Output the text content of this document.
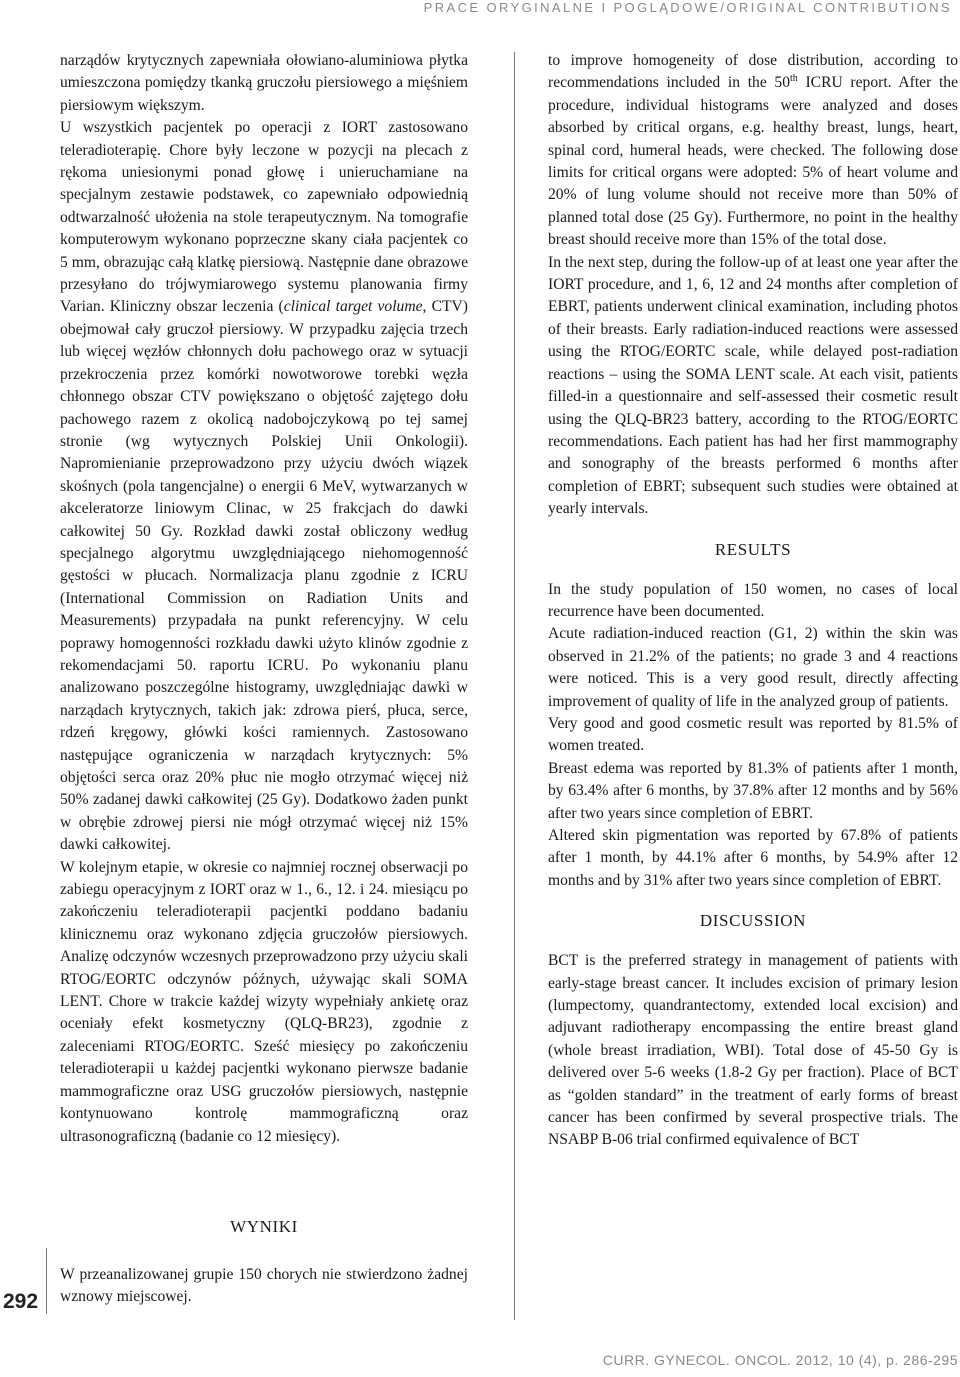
PRACE ORYGINALNE I POGLĄDOWE/ORIGINAL CONTRIBUTIONS

narządów krytycznych zapewniała ołowiano-aluminiowa płytka umieszczona pomiędzy tkanką gruczołu piersiowego a mięśniem piersiowym większym.

U wszystkich pacjentek po operacji z IORT zastosowano teleradioterapię. Chore były leczone w pozycji na plecach z rękoma uniesionymi ponad głowę i unieruchamiane na specjalnym zestawie podstawek, co zapewniało odpowiednią odtwarzalność ułożenia na stole terapeutycznym. Na tomografie komputerowym wykonano poprzeczne skany ciała pacjentek co 5 mm, obrazując całą klatkę piersiową. Następnie dane obrazowe przesyłano do trójwymiarowego systemu planowania firmy Varian. Kliniczny obszar leczenia (clinical target volume, CTV) obejmował cały gruczoł piersiowy. W przypadku zajęcia trzech lub więcej węzłów chłonnych dołu pachowego oraz w sytuacji przekroczenia przez komórki nowotworowe torebki węzła chłonnego obszar CTV powiększano o objętość zajętego dołu pachowego razem z okolicą nadobojczykową po tej samej stronie (wg wytycznych Polskiej Unii Onkologii). Napromienianie przeprowadzono przy użyciu dwóch wiązek skośnych (pola tangencjalne) o energii 6 MeV, wytwarzanych w akceleratorze liniowym Clinac, w 25 frakcjach do dawki całkowitej 50 Gy. Rozkład dawki został obliczony według specjalnego algorytmu uwzględniającego niehomogenność gęstości w płucach. Normalizacja planu zgodnie z ICRU (International Commission on Radiation Units and Measurements) przypadała na punkt referencyjny. W celu poprawy homogenności rozkładu dawki użyto klinów zgodnie z rekomendacjami 50. raportu ICRU. Po wykonaniu planu analizowano poszczególne histogramy, uwzględniając dawki w narządach krytycznych, takich jak: zdrowa pierś, płuca, serce, rdzeń kręgowy, główki kości ramiennych. Zastosowano następujące ograniczenia w narządach krytycznych: 5% objętości serca oraz 20% płuc nie mogło otrzymać więcej niż 50% zadanej dawki całkowitej (25 Gy). Dodatkowo żaden punkt w obrębie zdrowej piersi nie mógł otrzymać więcej niż 15% dawki całkowitej.

W kolejnym etapie, w okresie co najmniej rocznej obserwacji po zabiegu operacyjnym z IORT oraz w 1., 6., 12. i 24. miesiącu po zakończeniu teleradioterapii pacjentki poddano badaniu klinicznemu oraz wykonano zdjęcia gruczołów piersiowych. Analizę odczynów wczesnych przeprowadzono przy użyciu skali RTOG/EORTC odczynów późnych, używając skali SOMA LENT. Chore w trakcie każdej wizyty wypełniały ankietę oraz oceniały efekt kosmetyczny (QLQ-BR23), zgodnie z zaleceniami RTOG/EORTC. Sześć miesięcy po zakończeniu teleradioterapii u każdej pacjentki wykonano pierwsze badanie mammograficzne oraz USG gruczołów piersiowych, następnie kontynuowano kontrolę mammograficzną oraz ultrasonograficzną (badanie co 12 miesięcy).

WYNIKI
W przeanalizowanej grupie 150 chorych nie stwierdzono żadnej wznowy miejscowej.

to improve homogeneity of dose distribution, according to recommendations included in the 50th ICRU report. After the procedure, individual histograms were analyzed and doses absorbed by critical organs, e.g. healthy breast, lungs, heart, spinal cord, humeral heads, were checked. The following dose limits for critical organs were adopted: 5% of heart volume and 20% of lung volume should not receive more than 50% of planned total dose (25 Gy). Furthermore, no point in the healthy breast should receive more than 15% of the total dose.

In the next step, during the follow-up of at least one year after the IORT procedure, and 1, 6, 12 and 24 months after completion of EBRT, patients underwent clinical examination, including photos of their breasts. Early radiation-induced reactions were assessed using the RTOG/EORTC scale, while delayed post-radiation reactions – using the SOMA LENT scale. At each visit, patients filled-in a questionnaire and self-assessed their cosmetic result using the QLQ-BR23 battery, according to the RTOG/EORTC recommendations. Each patient has had her first mammography and sonography of the breasts performed 6 months after completion of EBRT; subsequent such studies were obtained at yearly intervals.

RESULTS

In the study population of 150 women, no cases of local recurrence have been documented.

Acute radiation-induced reaction (G1, 2) within the skin was observed in 21.2% of the patients; no grade 3 and 4 reactions were noticed. This is a very good result, directly affecting improvement of quality of life in the analyzed group of patients.

Very good and good cosmetic result was reported by 81.5% of women treated.

Breast edema was reported by 81.3% of patients after 1 month, by 63.4% after 6 months, by 37.8% after 12 months and by 56% after two years since completion of EBRT.

Altered skin pigmentation was reported by 67.8% of patients after 1 month, by 44.1% after 6 months, by 54.9% after 12 months and by 31% after two years since completion of EBRT.

DISCUSSION

BCT is the preferred strategy in management of patients with early-stage breast cancer. It includes excision of primary lesion (lumpectomy, quandrantectomy, extended local excision) and adjuvant radiotherapy encompassing the entire breast gland (whole breast irradiation, WBI). Total dose of 45-50 Gy is delivered over 5-6 weeks (1.8-2 Gy per fraction). Place of BCT as “golden standard” in the treatment of early forms of breast cancer has been confirmed by several prospective trials. The NSABP B-06 trial confirmed equivalence of BCT

292
CURR. GYNECOL. ONCOL. 2012, 10 (4), p. 286-295
